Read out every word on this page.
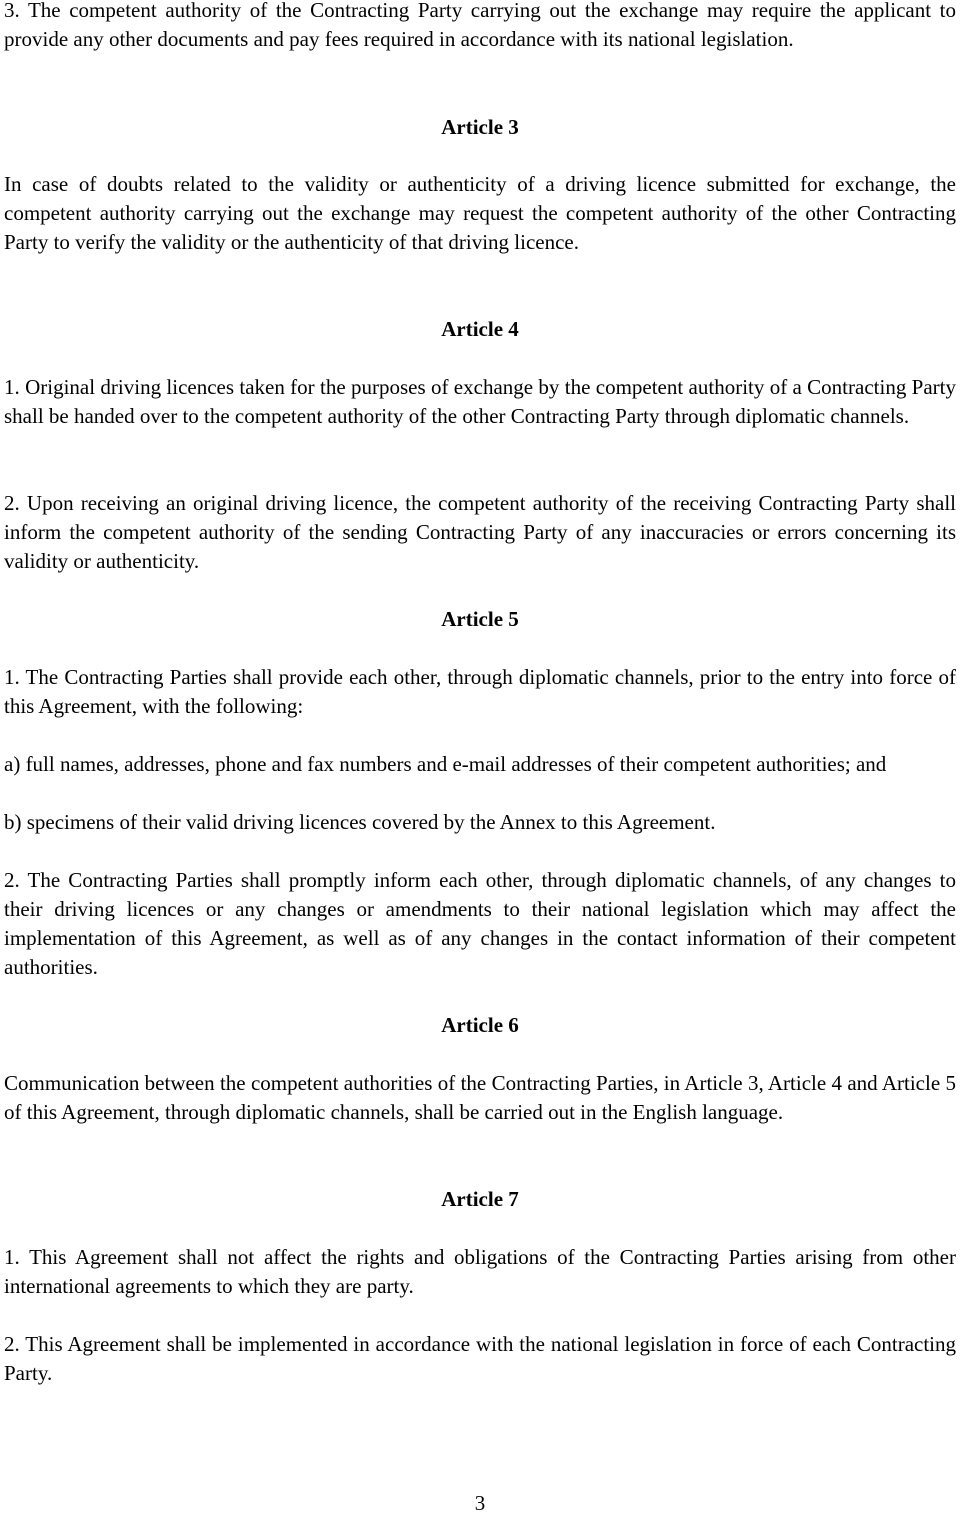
3. The competent authority of the Contracting Party carrying out the exchange may require the applicant to provide any other documents and pay fees required in accordance with its national legislation.

Article 3

In case of doubts related to the validity or authenticity of a driving licence submitted for exchange, the competent authority carrying out the exchange may request the competent authority of the other Contracting Party to verify the validity or the authenticity of that driving licence.

Article 4

1. Original driving licences taken for the purposes of exchange by the competent authority of a Contracting Party shall be handed over to the competent authority of the other Contracting Party through diplomatic channels.

2. Upon receiving an original driving licence, the competent authority of the receiving Contracting Party shall inform the competent authority of the sending Contracting Party of any inaccuracies or errors concerning its validity or authenticity.

Article 5

1. The Contracting Parties shall provide each other, through diplomatic channels, prior to the entry into force of this Agreement, with the following:

a) full names, addresses, phone and fax numbers and e-mail addresses of their competent authorities; and

b) specimens of their valid driving licences covered by the Annex to this Agreement.

2. The Contracting Parties shall promptly inform each other, through diplomatic channels, of any changes to their driving licences or any changes or amendments to their national legislation which may affect the implementation of this Agreement, as well as of any changes in the contact information of their competent authorities.

Article 6

Communication between the competent authorities of the Contracting Parties, in Article 3, Article 4 and Article 5 of this Agreement, through diplomatic channels, shall be carried out in the English language.

Article 7

1. This Agreement shall not affect the rights and obligations of the Contracting Parties arising from other international agreements to which they are party.

2. This Agreement shall be implemented in accordance with the national legislation in force of each Contracting Party.

3
